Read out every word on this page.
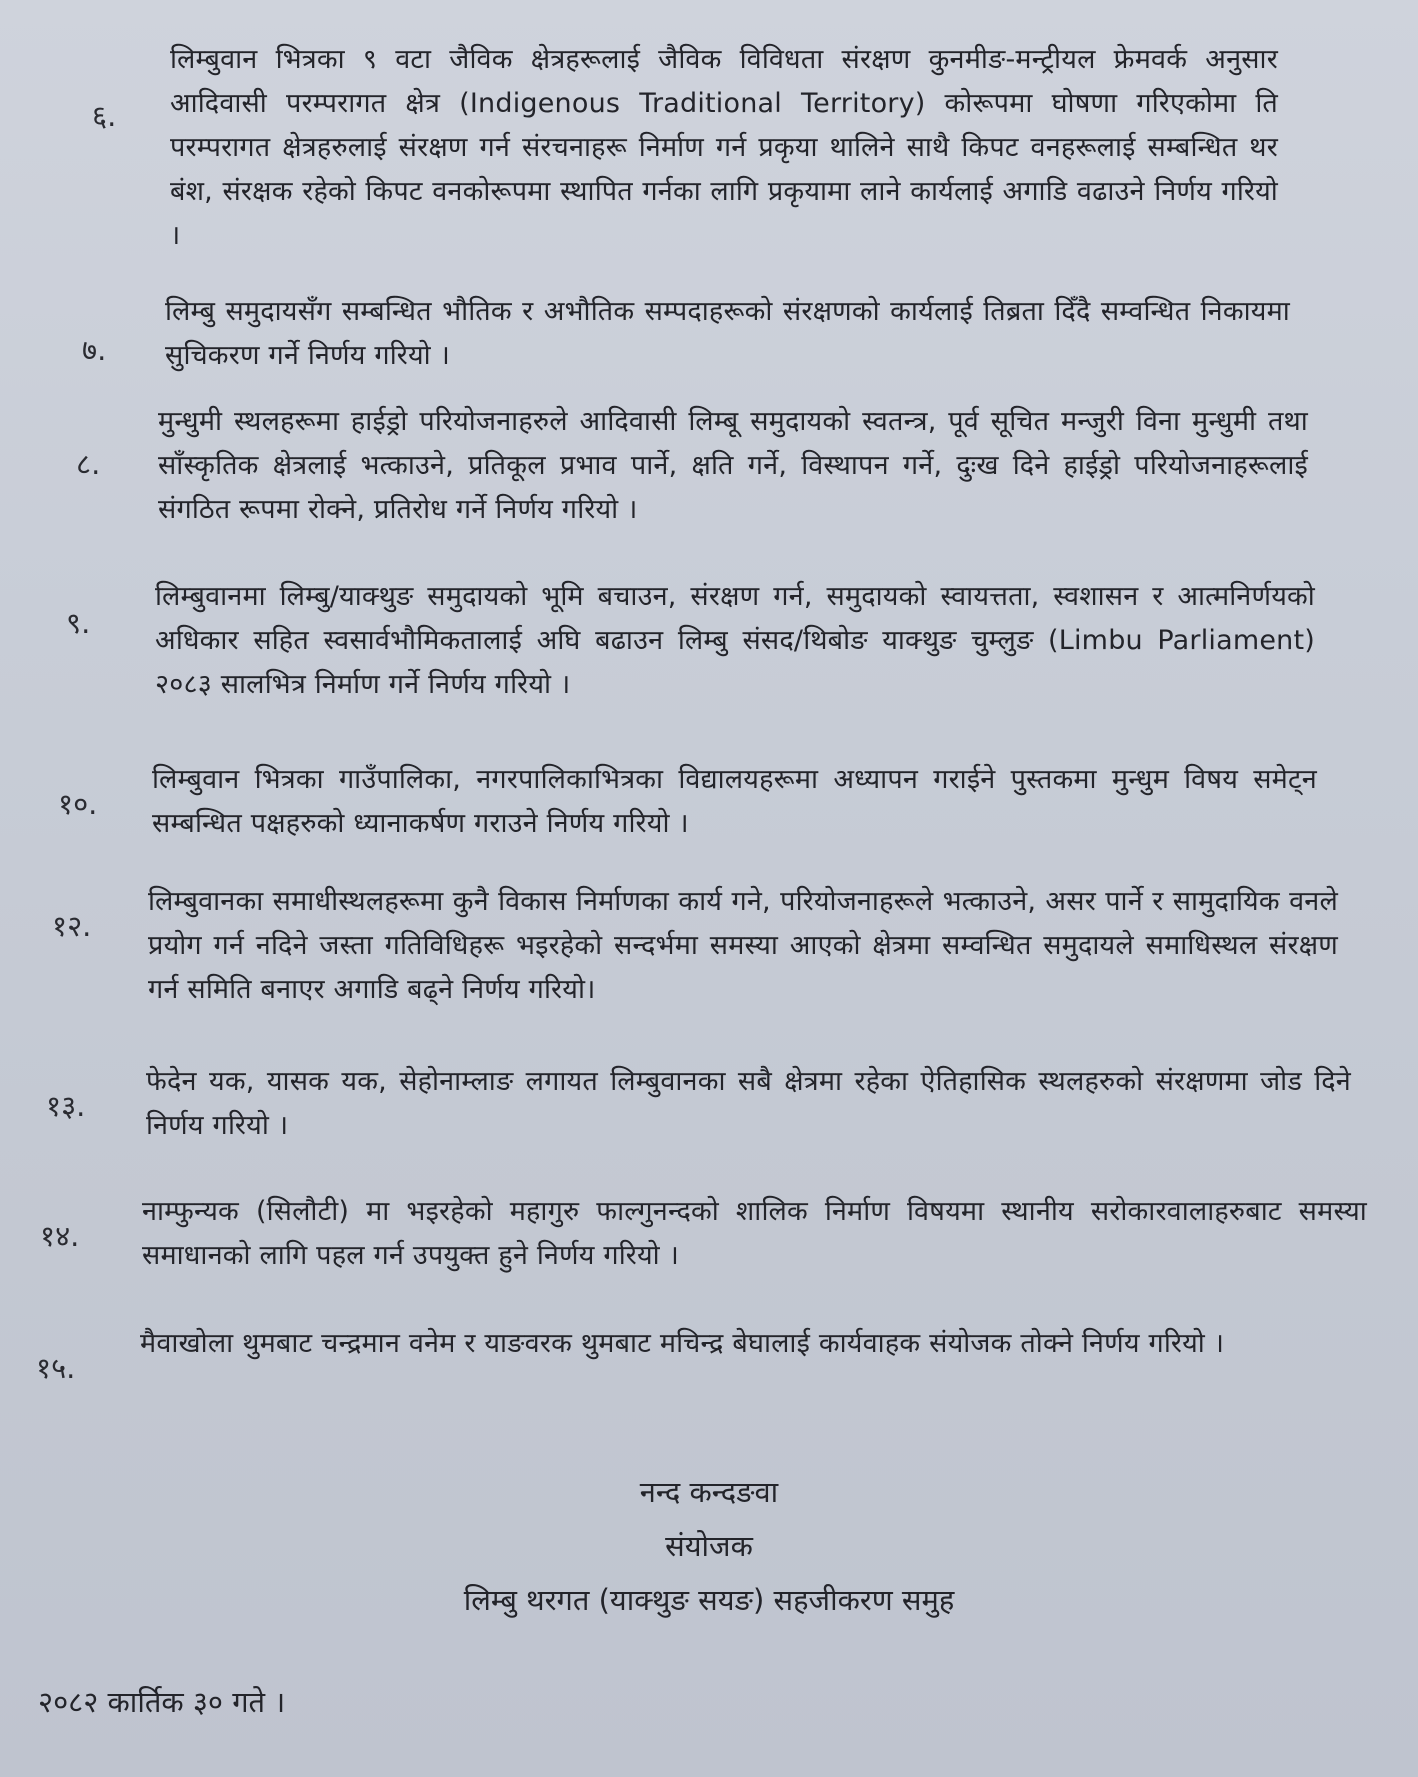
६.
लिम्बुवान भित्रका ९ वटा जैविक क्षेत्रहरूलाई जैविक विविधता संरक्षण कुनमीङ-मन्ट्रीयल फ्रेमवर्क अनुसार आदिवासी परम्परागत क्षेत्र (Indigenous Traditional Territory) कोरूपमा घोषणा गरिएकोमा ति परम्परागत क्षेत्रहरुलाई संरक्षण गर्न संरचनाहरू निर्माण गर्न प्रकृया थालिने साथै किपट वनहरूलाई सम्बन्धित थर बंश, संरक्षक रहेको किपट वनकोरूपमा स्थापित गर्नका लागि प्रकृयामा लाने कार्यलाई अगाडि वढाउने निर्णय गरियो ।
७.
लिम्बु समुदायसँग सम्बन्धित भौतिक र अभौतिक सम्पदाहरूको संरक्षणको कार्यलाई तिब्रता दिँदै सम्वन्धित निकायमा सुचिकरण गर्ने निर्णय गरियो ।
८.
मुन्धुमी स्थलहरूमा हाईड्रो परियोजनाहरुले आदिवासी लिम्बू समुदायको स्वतन्त्र, पूर्व सूचित मन्जुरी विना मुन्धुमी तथा साँस्कृतिक क्षेत्रलाई भत्काउने, प्रतिकूल प्रभाव पार्ने, क्षति गर्ने, विस्थापन गर्ने, दुःख दिने हाईड्रो परियोजनाहरूलाई संगठित रूपमा रोक्ने, प्रतिरोध गर्ने निर्णय गरियो ।
९.
लिम्बुवानमा लिम्बु/याक्थुङ समुदायको भूमि बचाउन, संरक्षण गर्न, समुदायको स्वायत्तता, स्वशासन र आत्मनिर्णयको अधिकार सहित स्वसार्वभौमिकतालाई अघि बढाउन लिम्बु संसद/थिबोङ याक्थुङ चुम्लुङ (Limbu Parliament) २०८३ सालभित्र निर्माण गर्ने निर्णय गरियो ।
१०.
लिम्बुवान भित्रका गाउँपालिका, नगरपालिकाभित्रका विद्यालयहरूमा अध्यापन गराईने पुस्तकमा मुन्धुम विषय समेट्न सम्बन्धित पक्षहरुको ध्यानाकर्षण गराउने निर्णय गरियो ।
१२.
लिम्बुवानका समाधीस्थलहरूमा कुनै विकास निर्माणका कार्य गने, परियोजनाहरूले भत्काउने, असर पार्ने र सामुदायिक वनले प्रयोग गर्न नदिने जस्ता गतिविधिहरू भइरहेको सन्दर्भमा समस्या आएको क्षेत्रमा सम्वन्धित समुदायले समाधिस्थल संरक्षण गर्न समिति बनाएर अगाडि बढ्ने निर्णय गरियो।
१३.
फेदेन यक, यासक यक, सेहोनाम्लाङ लगायत लिम्बुवानका सबै क्षेत्रमा रहेका ऐतिहासिक स्थलहरुको संरक्षणमा जोड दिने निर्णय गरियो ।
१४.
नाम्फुन्यक (सिलौटी) मा भइरहेको महागुरु फाल्गुनन्दको शालिक निर्माण विषयमा स्थानीय सरोकारवालाहरुबाट समस्या समाधानको लागि पहल गर्न उपयुक्त हुने निर्णय गरियो ।
१५.
मैवाखोला थुमबाट चन्द्रमान वनेम र याङवरक थुमबाट मचिन्द्र बेघालाई कार्यवाहक संयोजक तोक्ने निर्णय गरियो ।
नन्द कन्दङवा
संयोजक
लिम्बु थरगत (याक्थुङ सयङ) सहजीकरण समुह
२०८२ कार्तिक ३० गते ।
